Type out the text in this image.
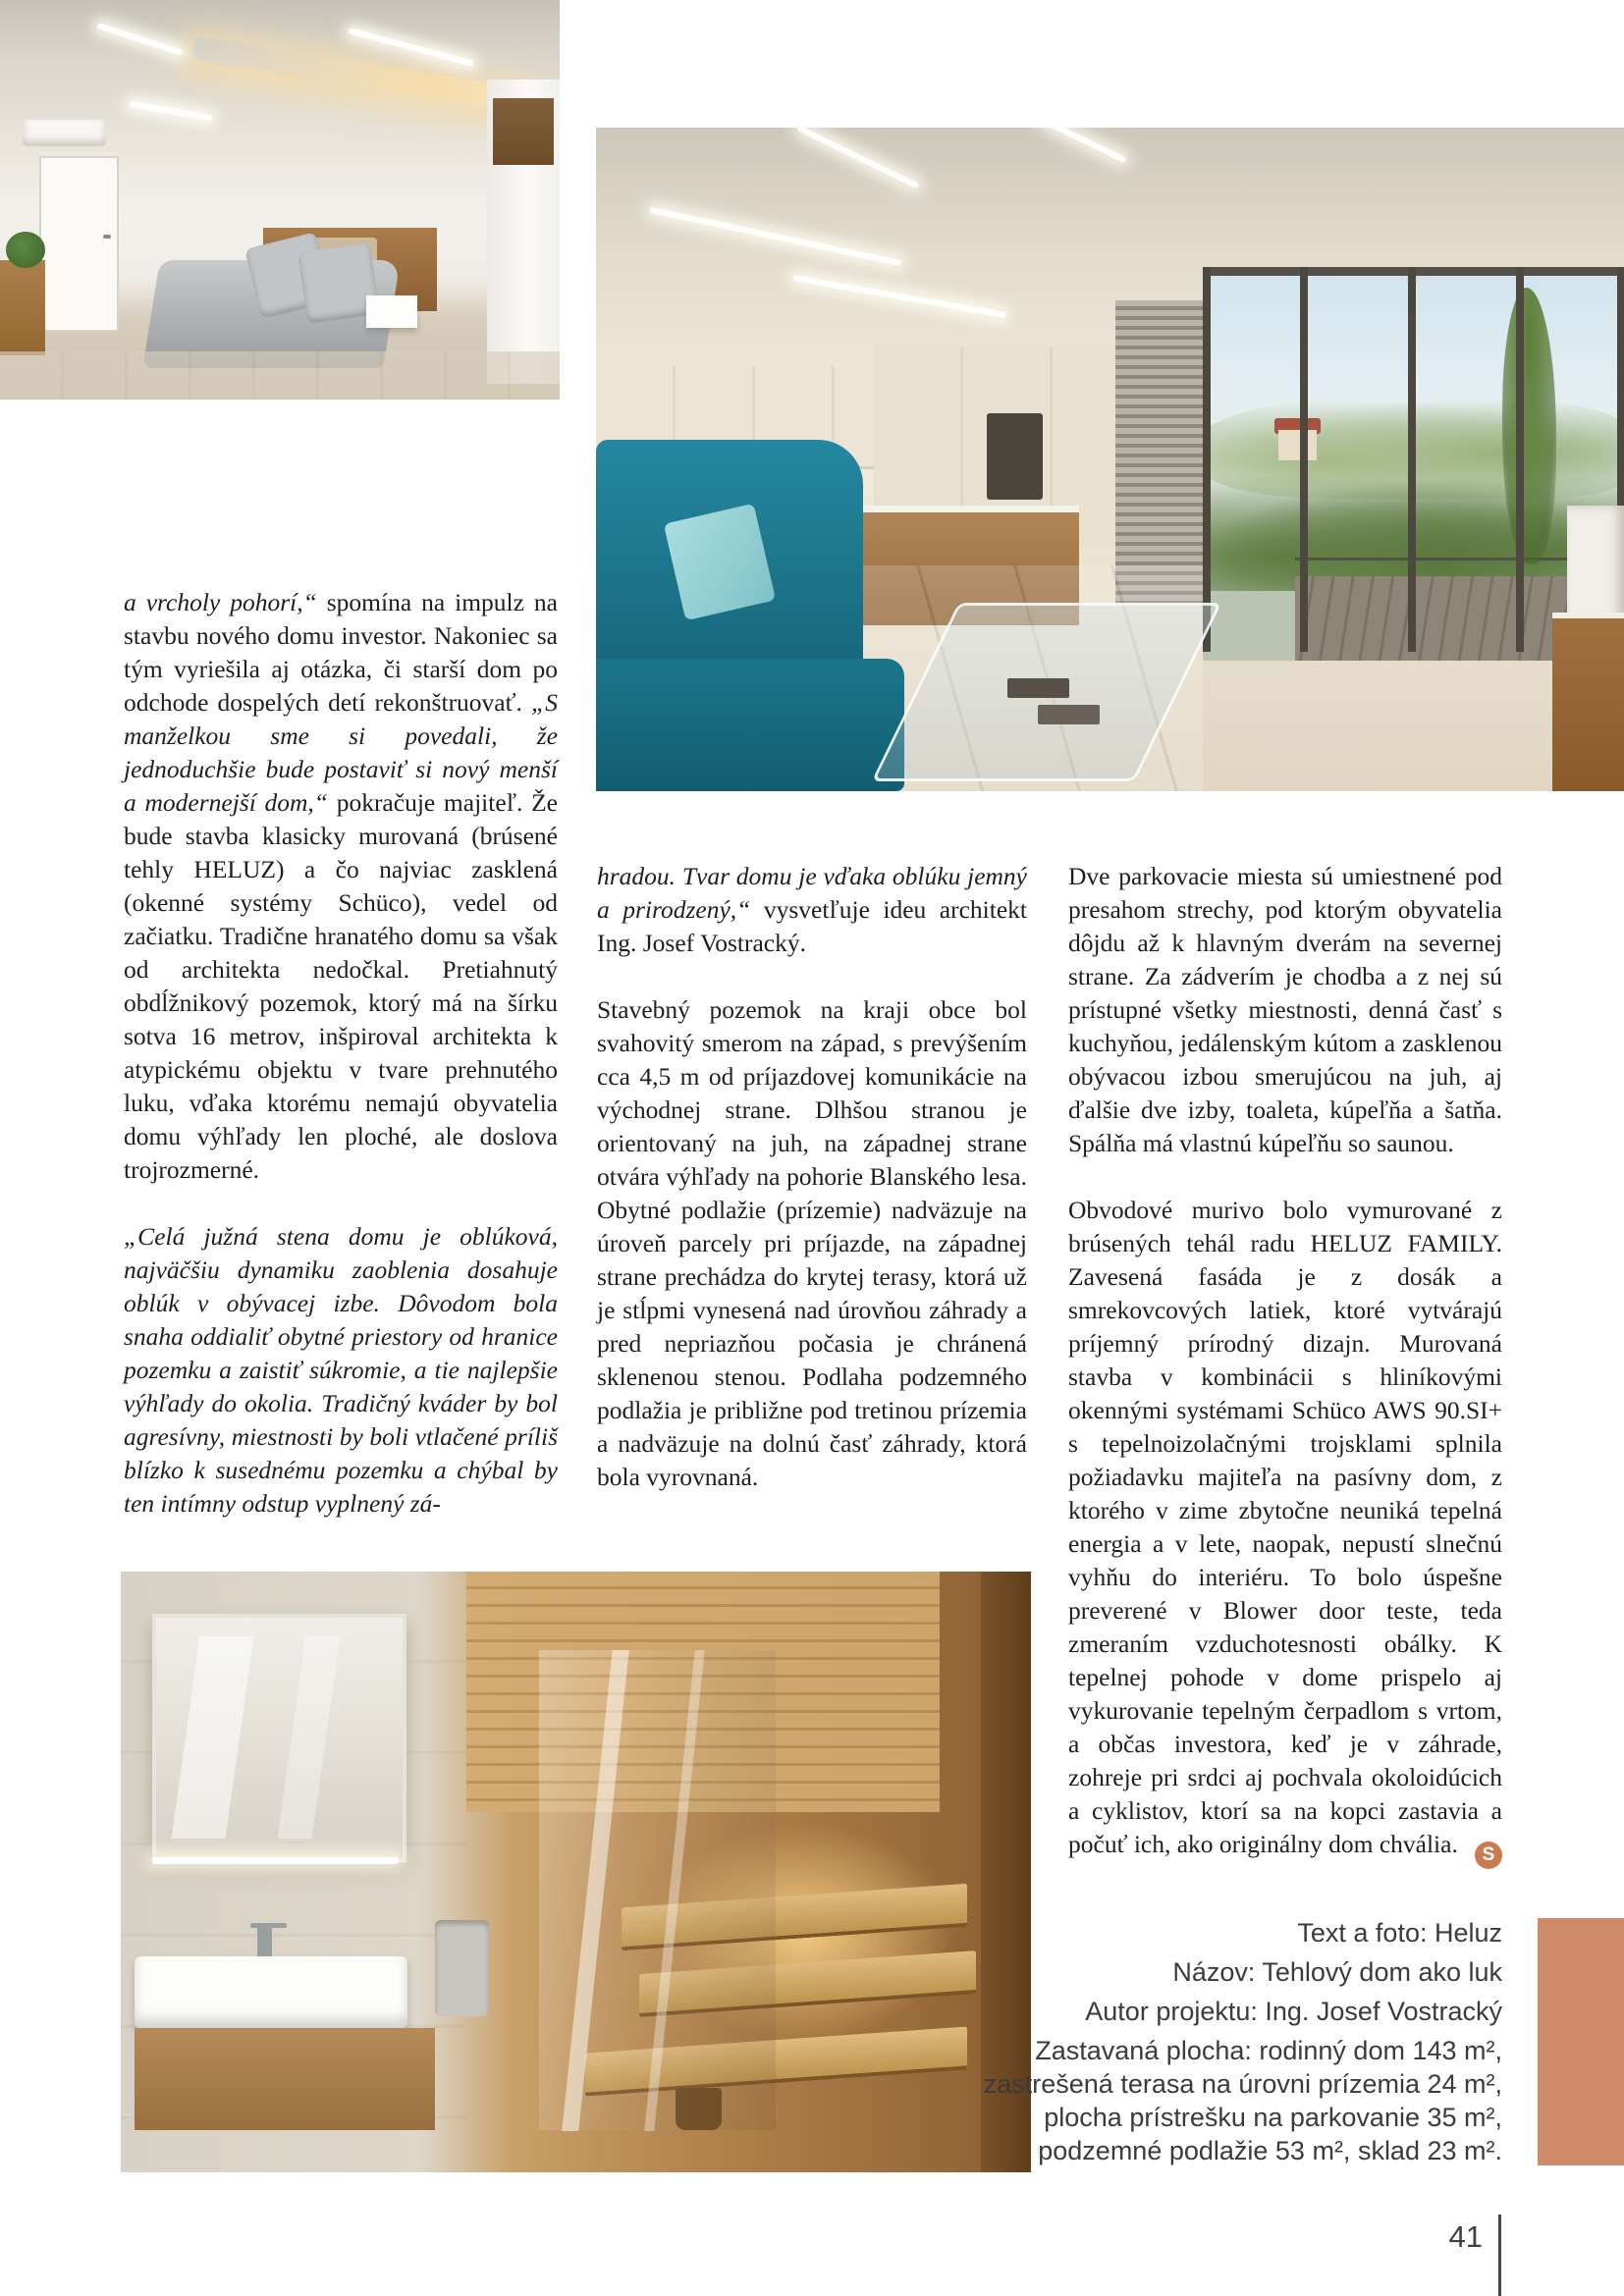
a vrcholy pohorí,“ spomína na impulz na stavbu nového domu investor. Nakoniec sa tým vyriešila aj otázka, či starší dom po odchode dospelých detí rekonštruovať. „S manželkou sme si povedali, že jednoduchšie bude postaviť si nový menší a modernejší dom,“ pokračuje majiteľ. Že bude stavba klasicky murovaná (brúsené tehly HELUZ) a čo najviac zasklená (okenné systémy Schüco), vedel od začiatku. Tradične hranatého domu sa však od architekta nedočkal. Pretiahnutý obdĺžnikový pozemok, ktorý má na šírku sotva 16 metrov, inšpiroval architekta k atypickému objektu v tvare prehnutého luku, vďaka ktorému nemajú obyvatelia domu výhľady len ploché, ale doslova trojrozmerné.

„Celá južná stena domu je oblúková, najväčšiu dynamiku zaoblenia dosahuje oblúk v obývacej izbe. Dôvodom bola snaha oddialiť obytné priestory od hranice pozemku a zaistiť súkromie, a tie najlepšie výhľady do okolia. Tradičný kváder by bol agresívny, miestnosti by boli vtlačené príliš blízko k susednému pozemku a chýbal by ten intímny odstup vyplnený zá-

hradou. Tvar domu je vďaka oblúku jemný a prirodzený,“ vysvetľuje ideu architekt Ing. Josef Vostracký.

Stavebný pozemok na kraji obce bol svahovitý smerom na západ, s prevýšením cca 4,5 m od príjazdovej komunikácie na východnej strane. Dlhšou stranou je orientovaný na juh, na západnej strane otvára výhľady na pohorie Blanského lesa. Obytné podlažie (prízemie) nadväzuje na úroveň parcely pri príjazde, na západnej strane prechádza do krytej terasy, ktorá už je stĺpmi vynesená nad úrovňou záhrady a pred nepriazňou počasia je chránená sklenenou stenou. Podlaha podzemného podlažia je približne pod tretinou prízemia a nadväzuje na dolnú časť záhrady, ktorá bola vyrovnaná.

Dve parkovacie miesta sú umiestnené pod presahom strechy, pod ktorým obyvatelia dôjdu až k hlavným dverám na severnej strane. Za zádverím je chodba a z nej sú prístupné všetky miestnosti, denná časť s kuchyňou, jedálenským kútom a zasklenou obývacou izbou smerujúcou na juh, aj ďalšie dve izby, toaleta, kúpeľňa a šatňa. Spálňa má vlastnú kúpeľňu so saunou.

Obvodové murivo bolo vymurované z brúsených tehál radu HELUZ FAMILY. Zavesená fasáda je z dosák a smrekovcových latiek, ktoré vytvárajú príjemný prírodný dizajn. Murovaná stavba v kombinácii s hliníkovými okennými systémami Schüco AWS 90.SI+ s tepelnoizolačnými trojsklami splnila požiadavku majiteľa na pasívny dom, z ktorého v zime zbytočne neuniká tepelná energia a v lete, naopak, nepustí slnečnú vyhňu do interiéru. To bolo úspešne preverené v Blower door teste, teda zmeraním vzduchotesnosti obálky. K tepelnej pohode v dome prispelo aj vykurovanie tepelným čerpadlom s vrtom, a občas investora, keď je v záhrade, zohreje pri srdci aj pochvala okoloidúcich a cyklistov, ktorí sa na kopci zastavia a počuť ich, ako originálny dom chvália.	S
Text a foto: Heluz
Názov: Tehlový dom ako luk
Autor projektu: Ing. Josef Vostracký
Zastavaná plocha: rodinný dom 143 m²,
zastrešená terasa na úrovni prízemia 24 m²,
plocha prístrešku na parkovanie 35 m²,
podzemné podlažie 53 m², sklad 23 m².
41
